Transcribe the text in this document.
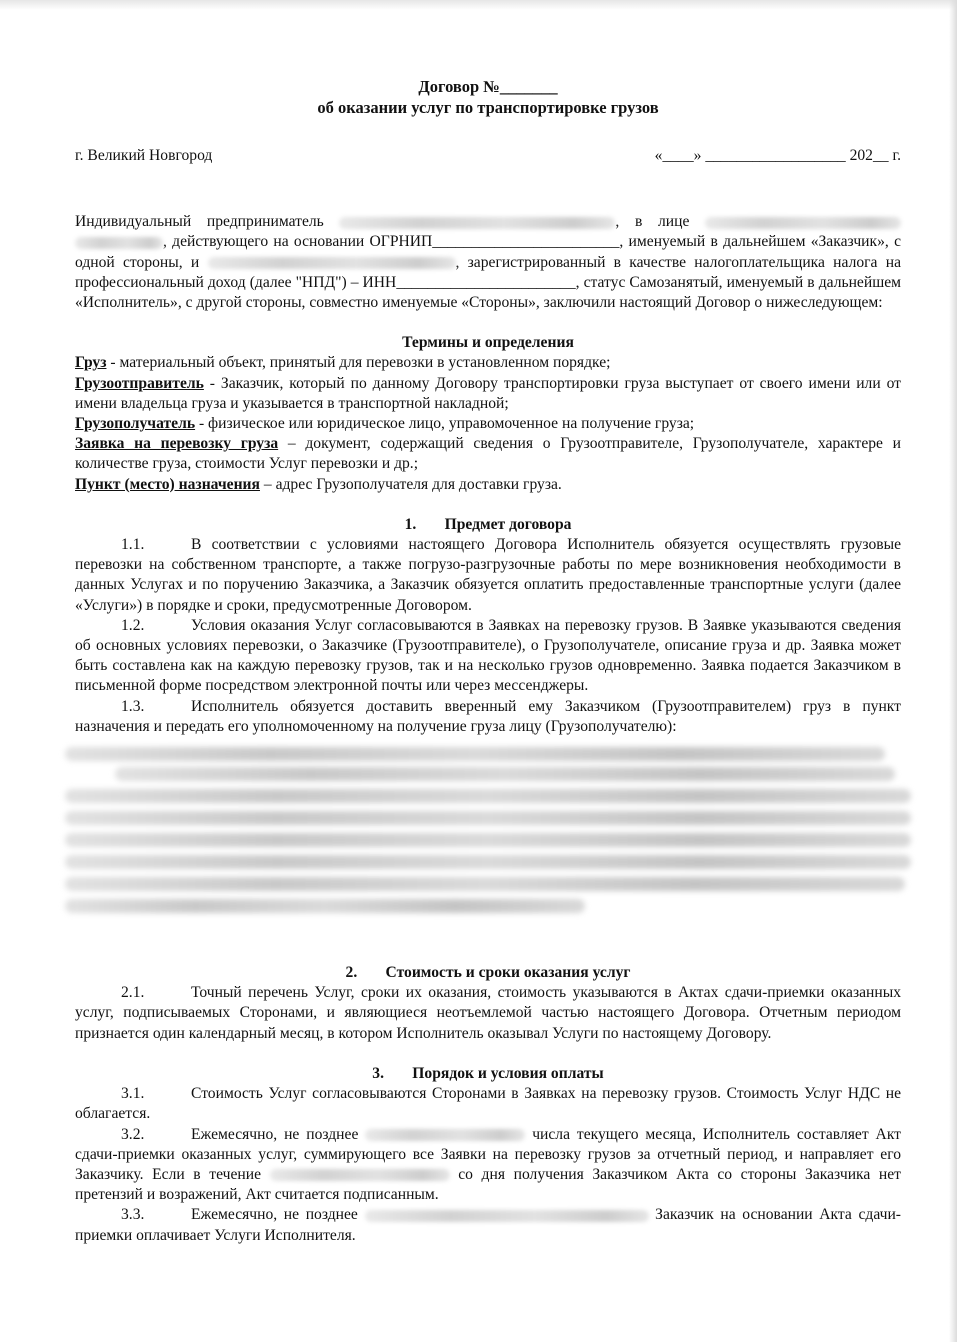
Договор №_______
об оказании услуг по транспортировке грузов
г. Великий Новгород	«____» __________________ 202__ г.
Индивидуальный предприниматель	, в лице  , действующего на основании ОГРНИП________________________, именуемый в дальнейшем «Заказчик», с одной стороны, и	, зарегистрированный в качестве налогоплательщика налога на профессиональный доход (далее "НПД") – ИНН_______________________, статус Самозанятый, именуемый в дальнейшем «Исполнитель», с другой стороны, совместно именуемые «Стороны», заключили настоящий Договор о нижеследующем:
Термины и определения
Груз - материальный объект, принятый для перевозки в установленном порядке;
Грузоотправитель - Заказчик, который по данному Договору транспортировки груза выступает от своего имени или от имени владельца груза и указывается в транспортной накладной;
Грузополучатель - физическое или юридическое лицо, управомоченное на получение груза;
Заявка на перевозку груза – документ, содержащий сведения о Грузоотправителе, Грузополучателе, характере и количестве груза, стоимости Услуг перевозки и др.;
Пункт (место) назначения – адрес Грузополучателя для доставки груза.
1. Предмет договора
1.1.	В соответствии с условиями настоящего Договора Исполнитель обязуется осуществлять грузовые перевозки на собственном транспорте, а также погрузо-разгрузочные работы по мере возникновения необходимости в данных Услугах и по поручению Заказчика, а Заказчик обязуется оплатить предоставленные транспортные услуги (далее «Услуги») в порядке и сроки, предусмотренные Договором.
1.2.	Условия оказания Услуг согласовываются в Заявках на перевозку грузов. В Заявке указываются сведения об основных условиях перевозки, о Заказчике (Грузоотправителе), о Грузополучателе, описание груза и др. Заявка может быть составлена как на каждую перевозку грузов, так и на несколько грузов одновременно. Заявка подается Заказчиком в письменной форме посредством электронной почты или через мессенджеры.
1.3.	Исполнитель обязуется доставить вверенный ему Заказчиком (Грузоотправителем) груз в пункт назначения и передать его уполномоченному на получение груза лицу (Грузополучателю):
2. Стоимость и сроки оказания услуг
2.1.	Точный перечень Услуг, сроки их оказания, стоимость указываются в Актах сдачи-приемки оказанных услуг, подписываемых Сторонами, и являющиеся неотъемлемой частью настоящего Договора. Отчетным периодом признается один календарный месяц, в котором Исполнитель оказывал Услуги по настоящему Договору.
3. Порядок и условия оплаты
3.1.	Стоимость Услуг согласовываются Сторонами в Заявках на перевозку грузов. Стоимость Услуг НДС не облагается.
3.2.	Ежемесячно, не позднее	числа текущего месяца, Исполнитель составляет Акт сдачи-приемки оказанных услуг, суммирующего все Заявки на перевозку грузов за отчетный период, и направляет его Заказчику. Если в течение	со дня получения Заказчиком Акта со стороны Заказчика нет претензий и возражений, Акт считается подписанным.
3.3.	Ежемесячно, не позднее	Заказчик на основании Акта сдачи-приемки оплачивает Услуги Исполнителя.
